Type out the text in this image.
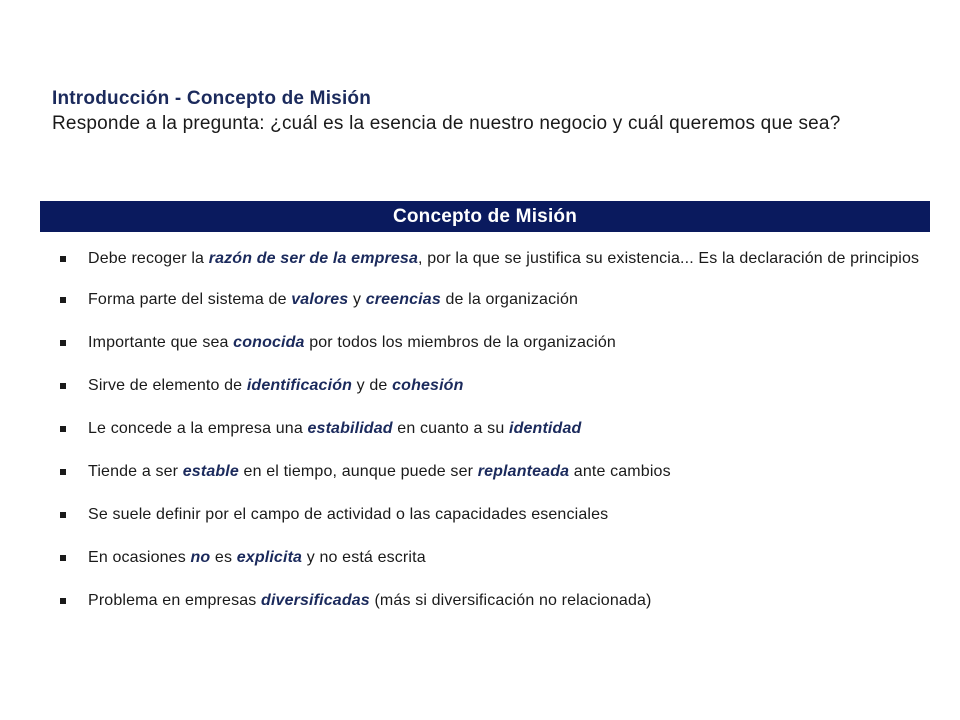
Introducción - Concepto de Misión
Responde a la pregunta: ¿cuál es la esencia de nuestro negocio y cuál queremos que sea?
Concepto de Misión
Debe recoger la razón de ser de la empresa, por la que se justifica su existencia... Es la declaración de principios
Forma parte del sistema de valores y creencias de la organización
Importante que sea conocida por todos los miembros de la organización
Sirve de elemento de identificación y de cohesión
Le concede a la empresa una estabilidad en cuanto a su identidad
Tiende a ser estable en el tiempo, aunque puede ser replanteada ante cambios
Se suele definir por el campo de actividad o las capacidades esenciales
En ocasiones no es explicita y no está escrita
Problema en empresas diversificadas (más si diversificación no relacionada)
